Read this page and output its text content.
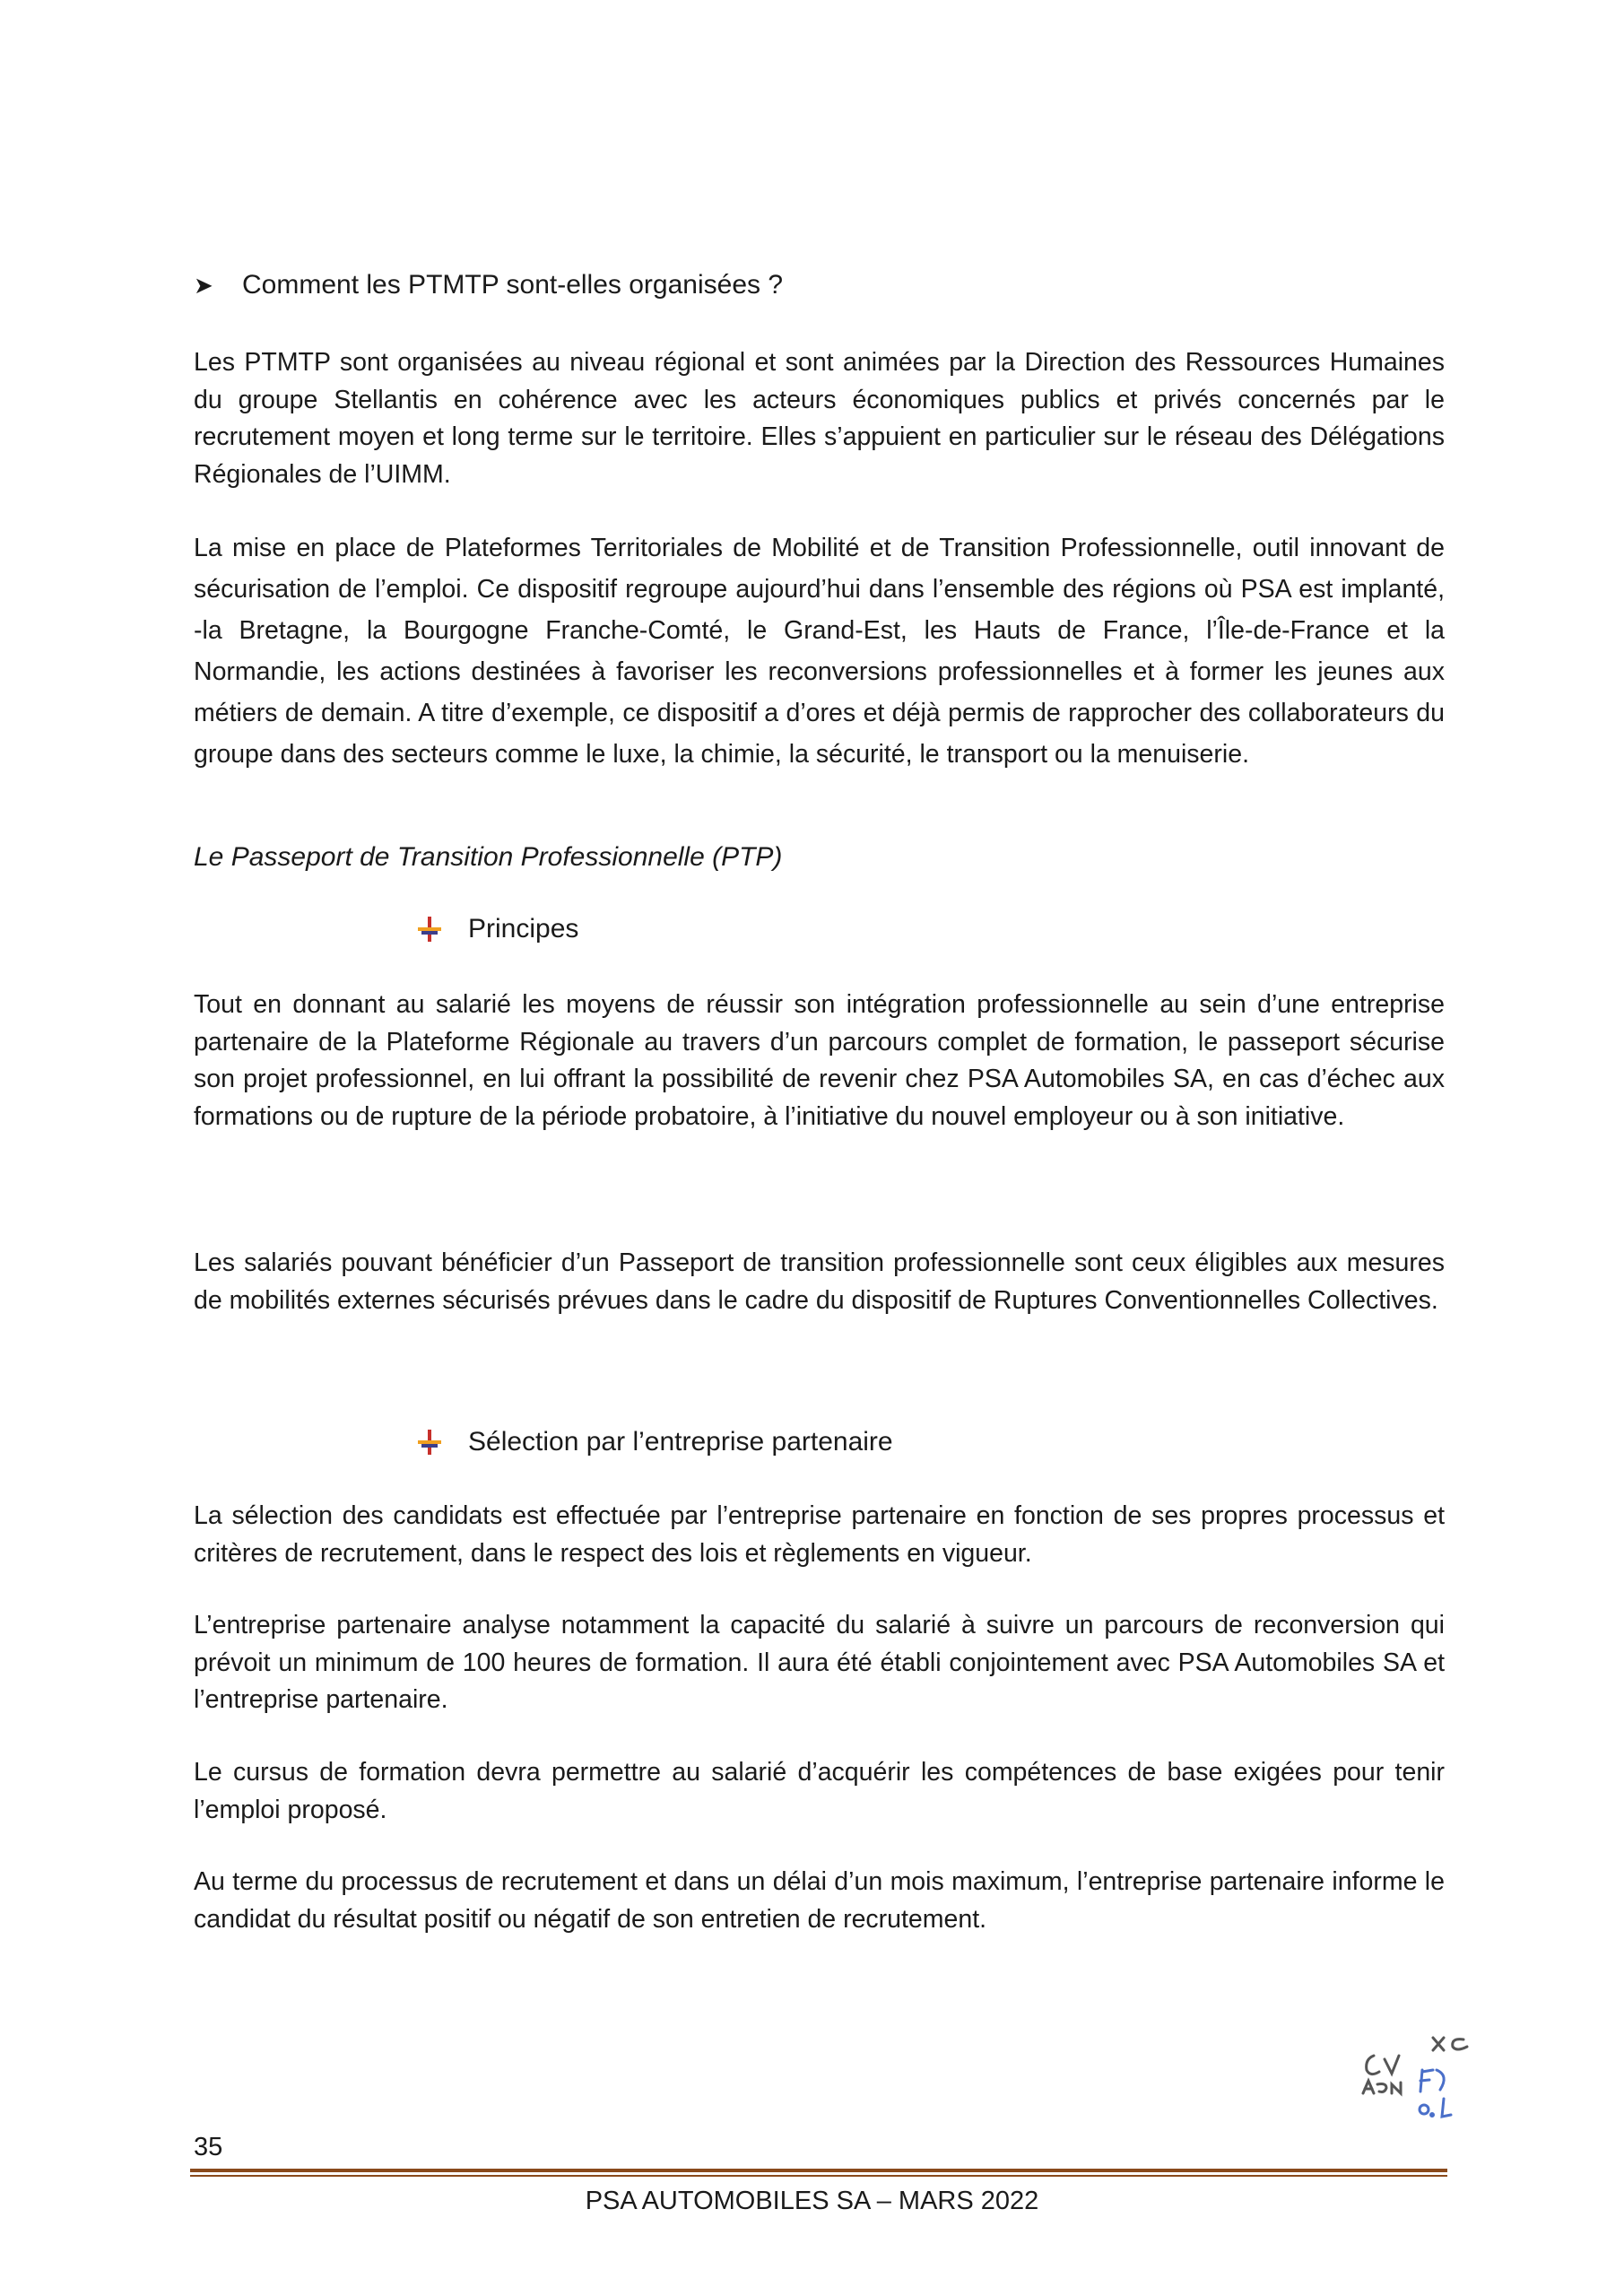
➤	Comment les PTMTP sont-elles organisées ?

Les PTMTP sont organisées au niveau régional et sont animées par la Direction des Ressources Humaines du groupe Stellantis en cohérence avec les acteurs économiques publics et privés concernés par le recrutement moyen et long terme sur le territoire. Elles s’appuient en particulier sur le réseau des Délégations Régionales de l’UIMM.

La mise en place de Plateformes Territoriales de Mobilité et de Transition Professionnelle, outil innovant de sécurisation de l’emploi. Ce dispositif regroupe aujourd’hui dans l’ensemble des régions où PSA est implanté, -la Bretagne, la Bourgogne Franche-Comté, le Grand-Est, les Hauts de France, l’Île-de-France et la Normandie, les actions destinées à favoriser les reconversions professionnelles et à former les jeunes aux métiers de demain. A titre d’exemple, ce dispositif a d’ores et déjà permis de rapprocher des collaborateurs du groupe dans des secteurs comme le luxe, la chimie, la sécurité, le transport ou la menuiserie.

Le Passeport de Transition Professionnelle (PTP)
Principes

Tout en donnant au salarié les moyens de réussir son intégration professionnelle au sein d’une entreprise partenaire de la Plateforme Régionale au travers d’un parcours complet de formation, le passeport sécurise son projet professionnel, en lui offrant la possibilité de revenir chez PSA Automobiles SA, en cas d’échec aux formations ou de rupture de la période probatoire, à l’initiative du nouvel employeur ou à son initiative.

Les salariés pouvant bénéficier d’un Passeport de transition professionnelle sont ceux éligibles aux mesures de mobilités externes sécurisés prévues dans le cadre du dispositif de Ruptures Conventionnelles Collectives.

Sélection par l’entreprise partenaire

La sélection des candidats est effectuée par l’entreprise partenaire en fonction de ses propres processus et critères de recrutement, dans le respect des lois et règlements en vigueur.

L’entreprise partenaire analyse notamment la capacité du salarié à suivre un parcours de reconversion qui prévoit un minimum de 100 heures de formation. Il aura été établi conjointement avec PSA Automobiles SA et l’entreprise partenaire.

Le cursus de formation devra permettre au salarié d’acquérir les compétences de base exigées pour tenir l’emploi proposé.

Au terme du processus de recrutement et dans un délai d’un mois maximum, l’entreprise partenaire informe le candidat du résultat positif ou négatif de son entretien de recrutement.

35
PSA AUTOMOBILES SA – MARS 2022
